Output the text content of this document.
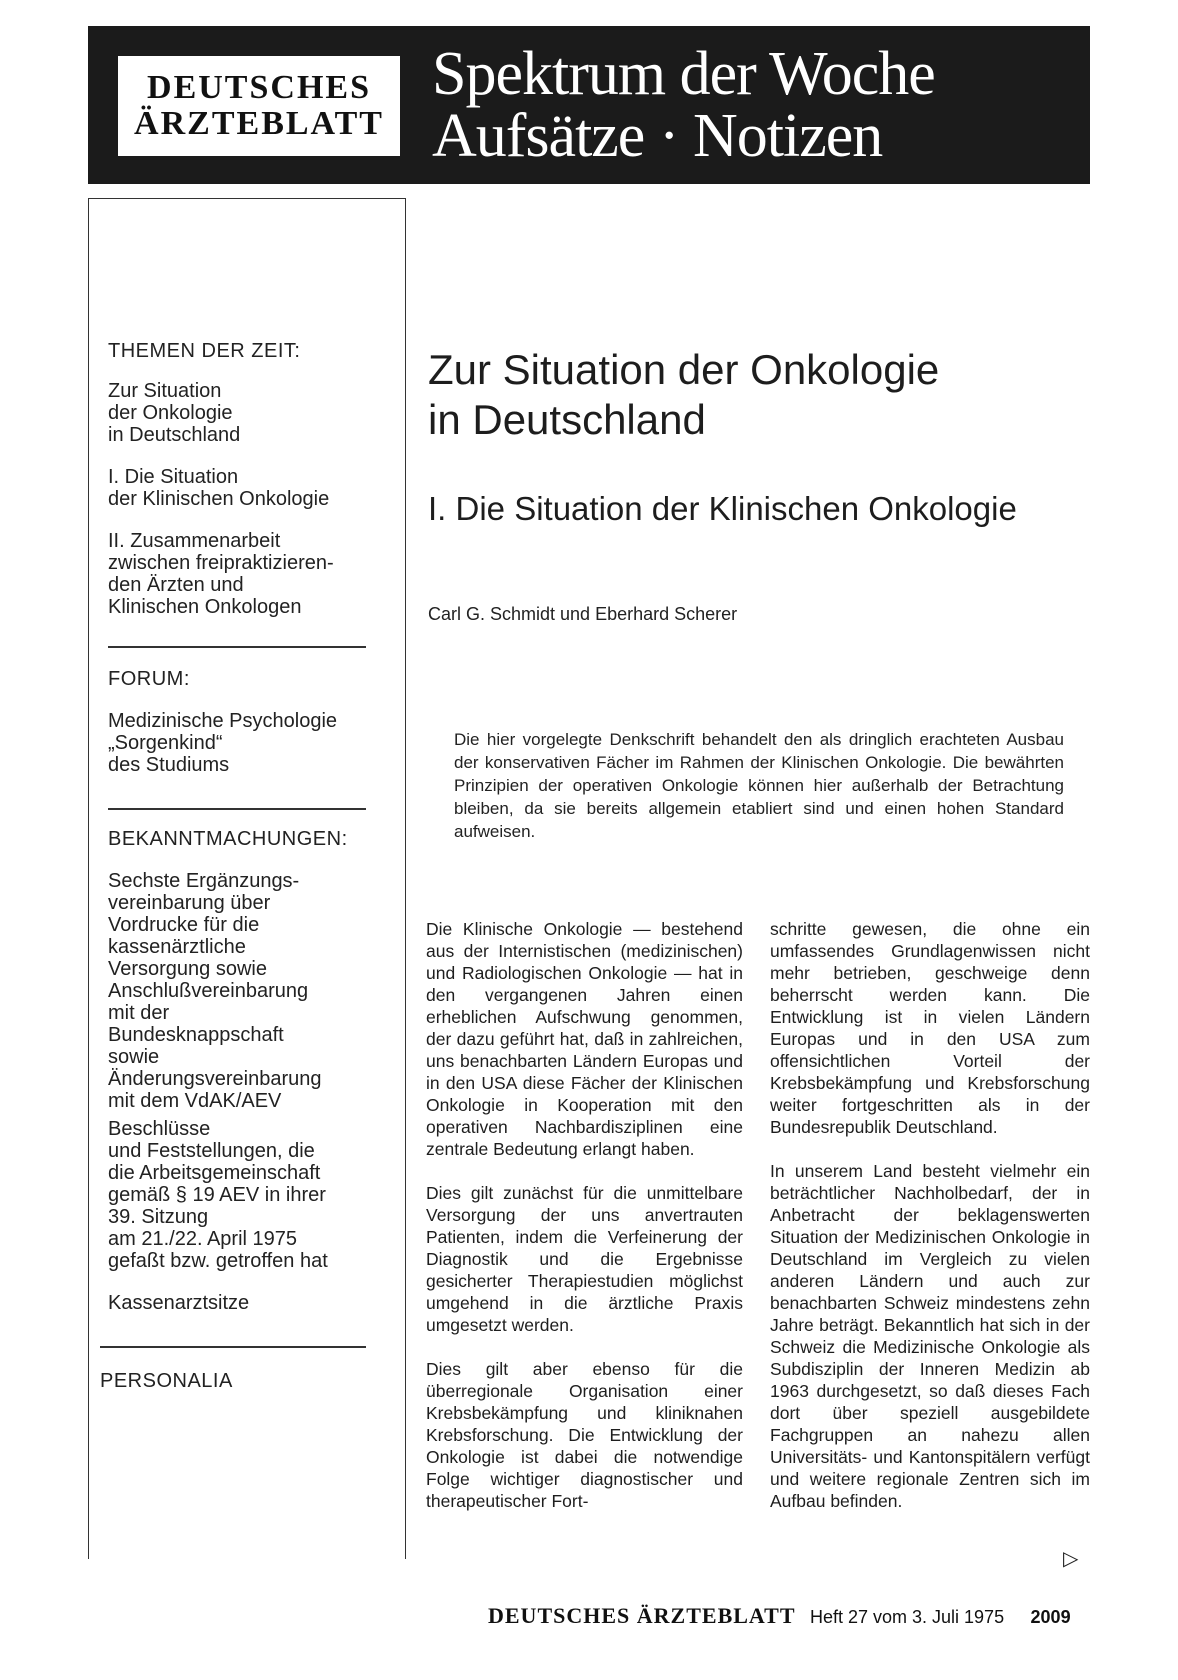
DEUTSCHES
ÄRZTEBLATT
Spektrum der Woche
Aufsätze · Notizen
THEMEN DER ZEIT:
Zur Situation
der Onkologie
in Deutschland
I. Die Situation
der Klinischen Onkologie
II. Zusammenarbeit
zwischen freipraktizieren-
den Ärzten und
Klinischen Onkologen
FORUM:
Medizinische Psychologie
„Sorgenkind“
des Studiums
BEKANNTMACHUNGEN:
Sechste Ergänzungs-
vereinbarung über
Vordrucke für die
kassenärztliche
Versorgung sowie
Anschlußvereinbarung
mit der
Bundesknappschaft
sowie
Änderungsvereinbarung
mit dem VdAK/AEV
Beschlüsse
und Feststellungen, die
die Arbeitsgemeinschaft
gemäß § 19 AEV in ihrer
39. Sitzung
am 21./22. April 1975
gefaßt bzw. getroffen hat
Kassenarztsitze
PERSONALIA
Zur Situation der Onkologie
in Deutschland
I. Die Situation der Klinischen Onkologie
Carl G. Schmidt und Eberhard Scherer
Die hier vorgelegte Denkschrift behandelt den als dringlich erachteten Ausbau der konservativen Fächer im Rahmen der Klinischen Onkologie. Die bewährten Prinzipien der operativen Onkologie können hier außerhalb der Betrachtung bleiben, da sie bereits allgemein etabliert sind und einen hohen Standard aufweisen.

Die Klinische Onkologie — bestehend aus der Internistischen (medizinischen) und Radiologischen Onkologie — hat in den vergangenen Jahren einen erheblichen Aufschwung genommen, der dazu geführt hat, daß in zahlreichen, uns benachbarten Ländern Europas und in den USA diese Fächer der Klinischen Onkologie in Kooperation mit den operativen Nachbardisziplinen eine zentrale Bedeutung erlangt haben.

Dies gilt zunächst für die unmittelbare Versorgung der uns anvertrauten Patienten, indem die Verfeinerung der Diagnostik und die Ergebnisse gesicherter Therapiestudien möglichst umgehend in die ärztliche Praxis umgesetzt werden.

Dies gilt aber ebenso für die überregionale Organisation einer Krebsbekämpfung und kliniknahen Krebsforschung. Die Entwicklung der Onkologie ist dabei die notwendige Folge wichtiger diagnostischer und therapeutischer Fort-

schritte gewesen, die ohne ein umfassendes Grundlagenwissen nicht mehr betrieben, geschweige denn beherrscht werden kann. Die Entwicklung ist in vielen Ländern Europas und in den USA zum offensichtlichen Vorteil der Krebsbekämpfung und Krebsforschung weiter fortgeschritten als in der Bundesrepublik Deutschland.

In unserem Land besteht vielmehr ein beträchtlicher Nachholbedarf, der in Anbetracht der beklagenswerten Situation der Medizinischen Onkologie in Deutschland im Vergleich zu vielen anderen Ländern und auch zur benachbarten Schweiz mindestens zehn Jahre beträgt. Bekanntlich hat sich in der Schweiz die Medizinische Onkologie als Subdisziplin der Inneren Medizin ab 1963 durchgesetzt, so daß dieses Fach dort über speziell ausgebildete Fachgruppen an nahezu allen Universitäts- und Kantonspitälern verfügt und weitere regionale Zentren sich im Aufbau befinden.

▷
DEUTSCHES ÄRZTEBLATT Heft 27 vom 3. Juli 1975 2009
